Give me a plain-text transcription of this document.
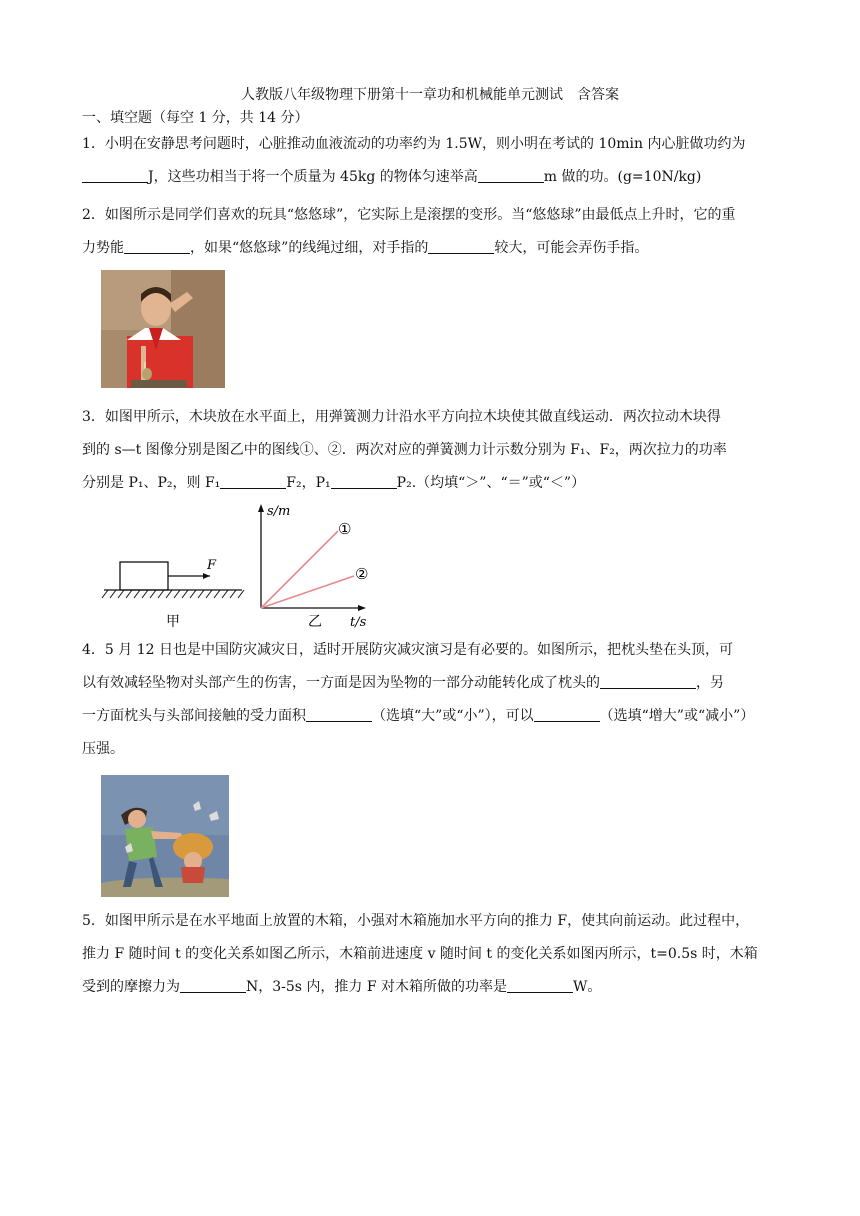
人教版八年级物理下册第十一章功和机械能单元测试　含答案
一、填空题（每空 1 分，共 14 分）
1．小明在安静思考问题时，心脏推动血液流动的功率约为 1.5W，则小明在考试的 10min 内心脏做功约为
J，这些功相当于将一个质量为 45kg 的物体匀速举高	m 做的功。(g=10N/kg)
2．如图所示是同学们喜欢的玩具“悠悠球”，它实际上是滚摆的变形。当“悠悠球”由最低点上升时，它的重
力势能	，如果“悠悠球”的线绳过细，对手指的	较大，可能会弄伤手指。
3．如图甲所示，木块放在水平面上，用弹簧测力计沿水平方向拉木块使其做直线运动．两次拉动木块得
到的 s—t 图像分别是图乙中的图线①、②．两次对应的弹簧测力计示数分别为 F₁、F₂，两次拉力的功率
分别是 P₁、P₂，则 F₁	F₂，P₁	P₂.（均填“＞”、“＝”或“＜”）
F
甲
s/m
t/s
①
②
乙
4．5 月 12 日也是中国防灾减灾日，适时开展防灾减灾演习是有必要的。如图所示，把枕头垫在头顶，可
以有效减轻坠物对头部产生的伤害，一方面是因为坠物的一部分动能转化成了枕头的	，另
一方面枕头与头部间接触的受力面积	（选填“大”或“小”），可以	（选填“增大”或“减小”）
压强。
5．如图甲所示是在水平地面上放置的木箱，小强对木箱施加水平方向的推力 F，使其向前运动。此过程中，
推力 F 随时间 t 的变化关系如图乙所示，木箱前进速度 v 随时间 t 的变化关系如图丙所示，t=0.5s 时，木箱
受到的摩擦力为	N，3-5s 内，推力 F 对木箱所做的功率是	W。
